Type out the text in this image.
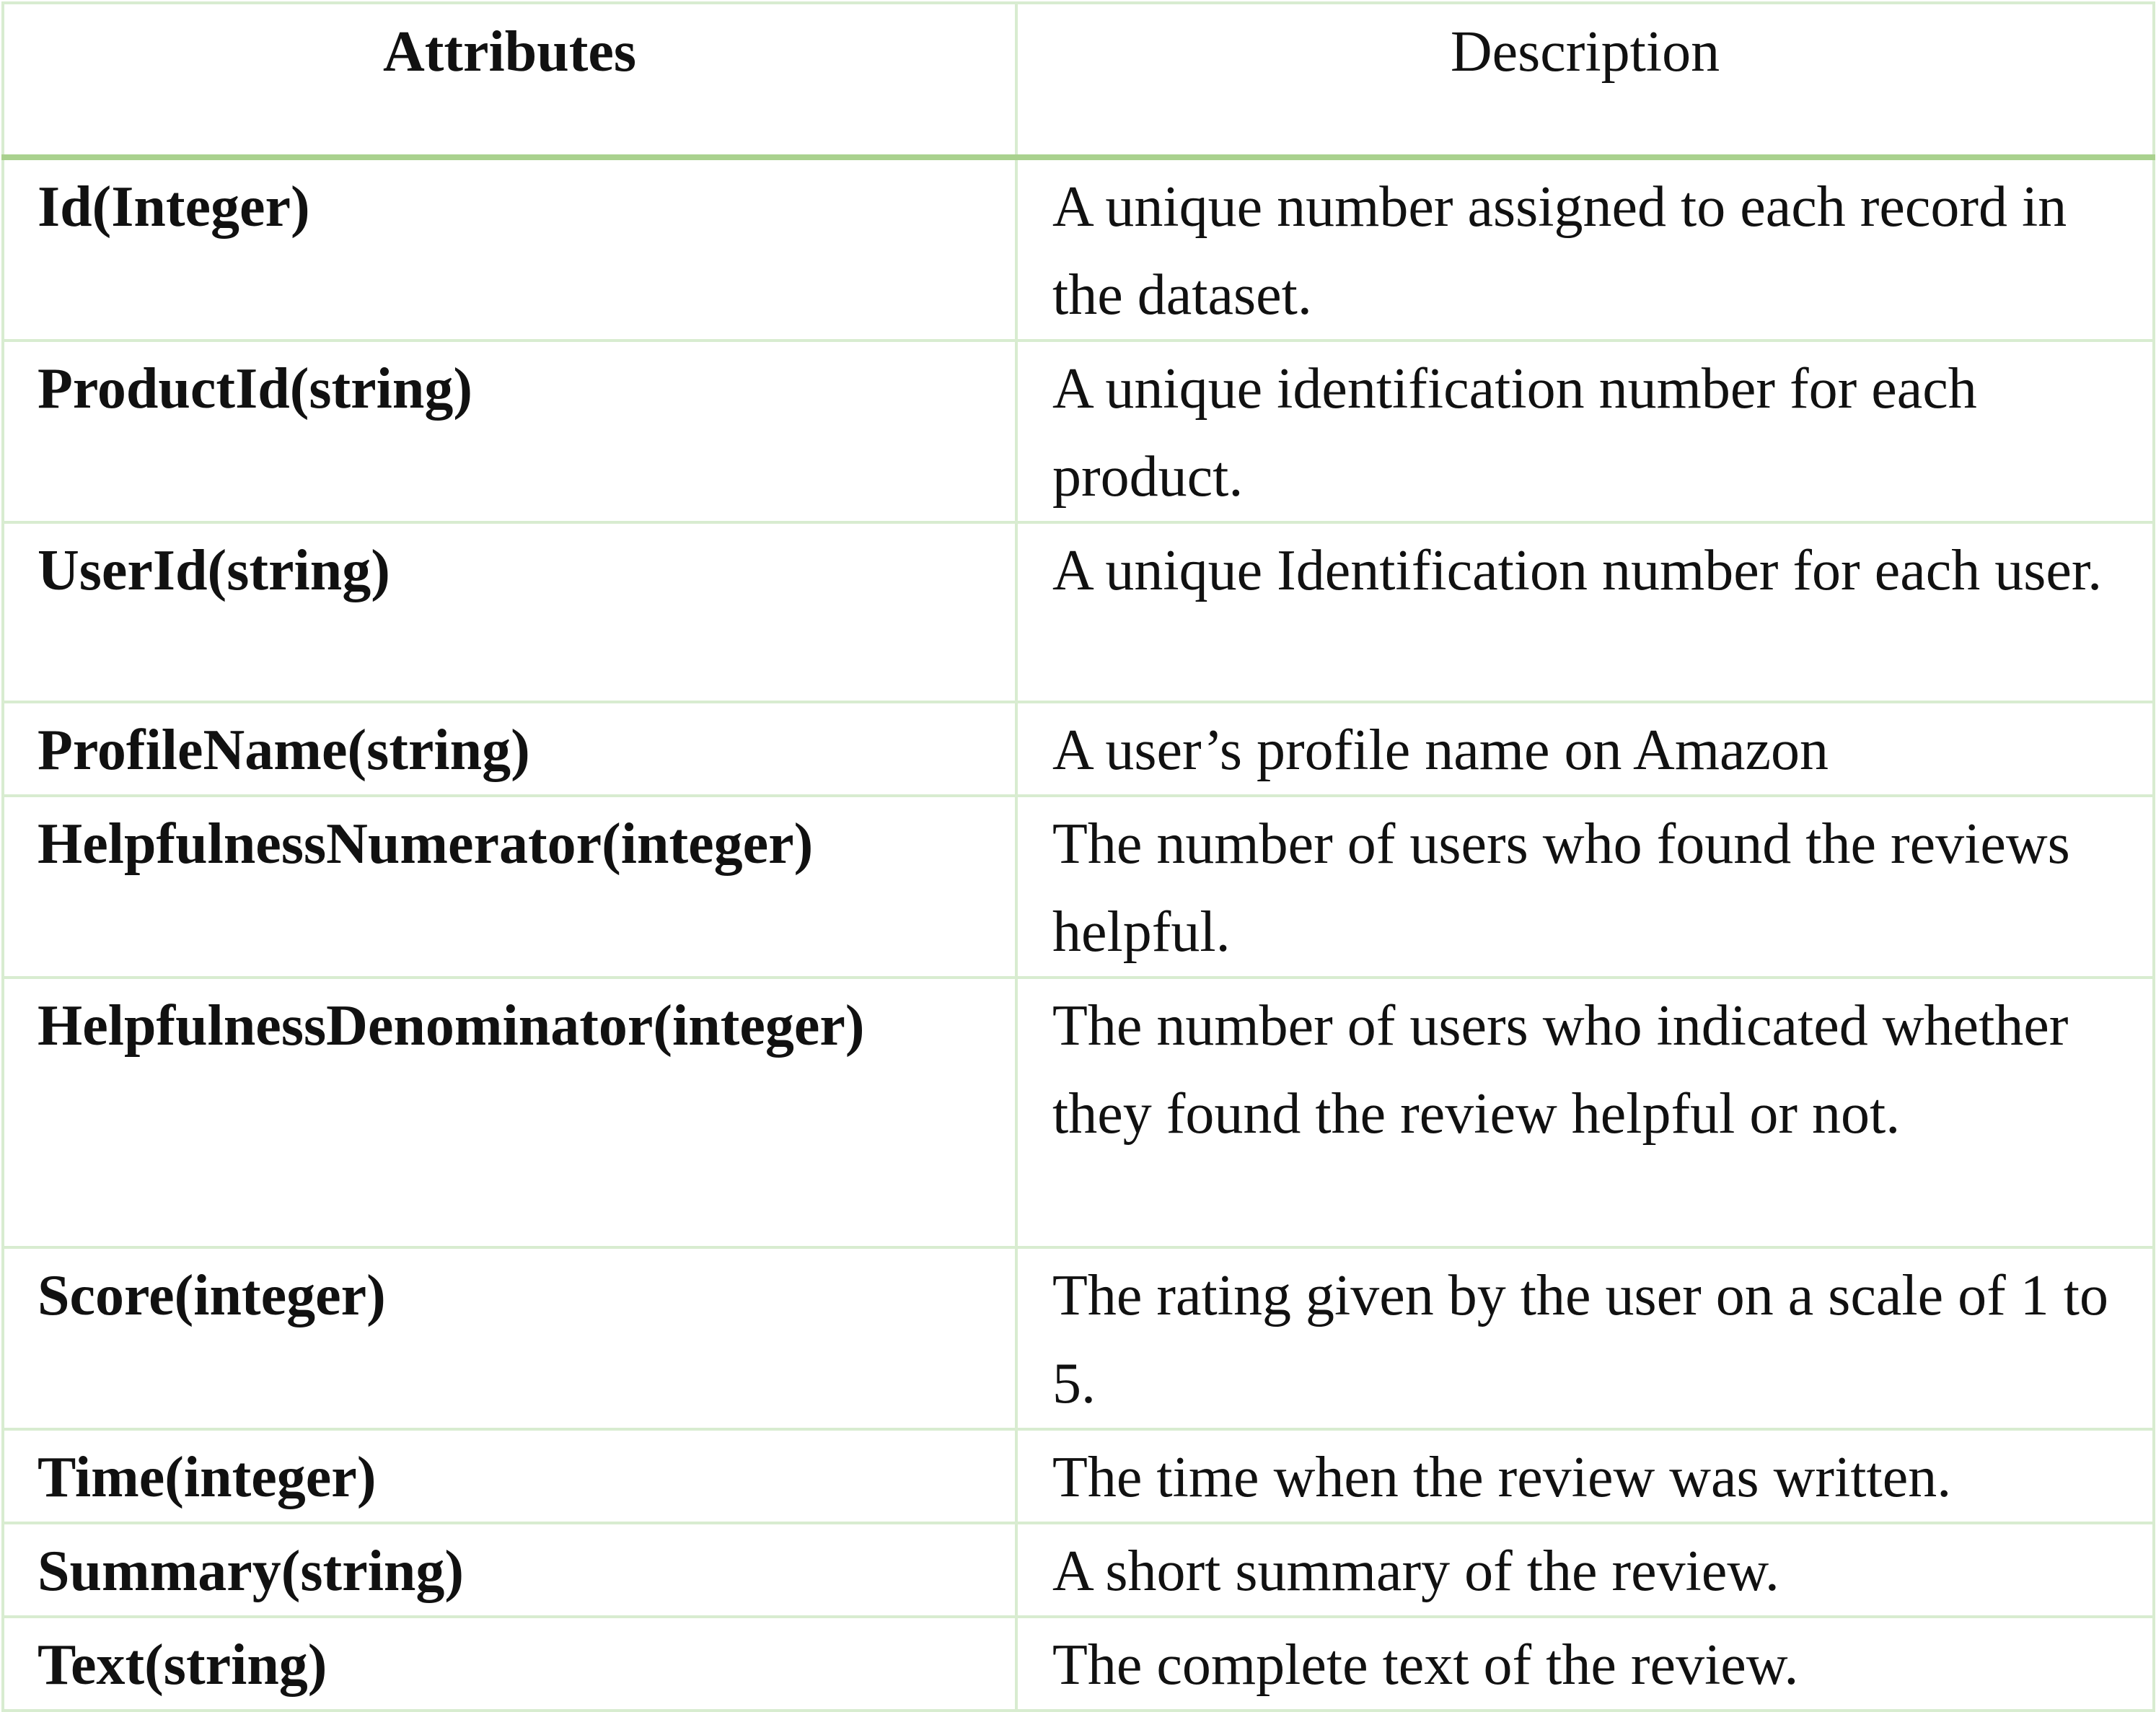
Attributes	Description
Id(Integer)	A unique number assigned to each record in the dataset.
ProductId(string)	A unique identification number for each product.
UserId(string)	A unique Identification number for each user.
ProfileName(string)	A user’s profile name on Amazon
HelpfulnessNumerator(integer)	The number of users who found the reviews helpful.
HelpfulnessDenominator(integer)	The number of users who indicated whether they found the review helpful or not.
Score(integer)	The rating given by the user on a scale of 1 to 5.
Time(integer)	The time when the review was written.
Summary(string)	A short summary of the review.
Text(string)	The complete text of the review.
